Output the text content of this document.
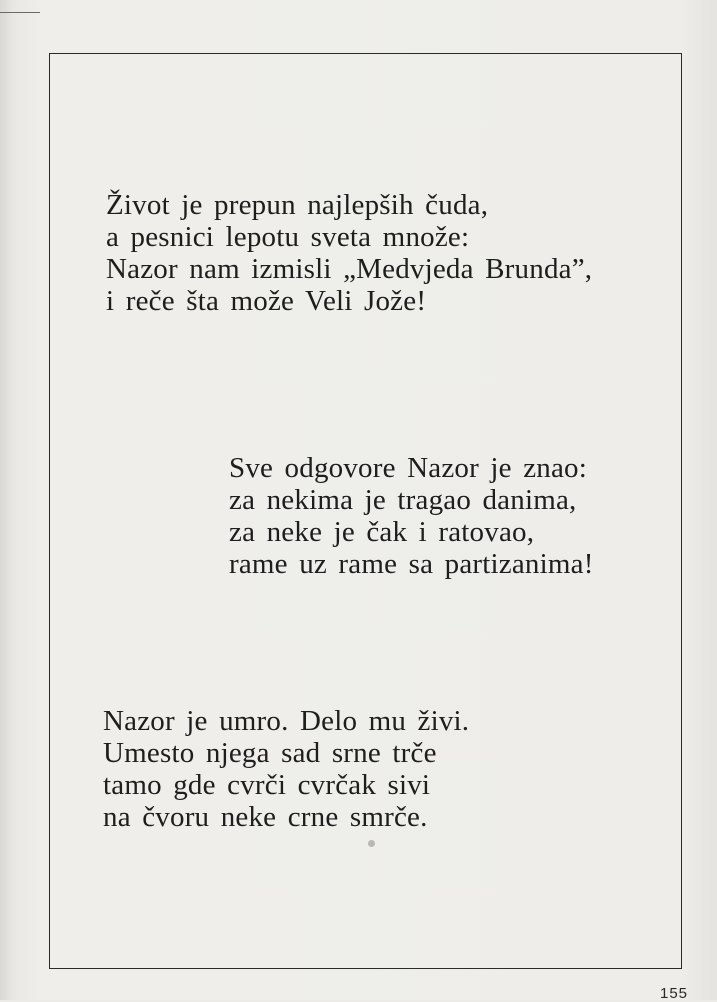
Život je prepun najlepših čuda,
a pesnici lepotu sveta množe:
Nazor nam izmisli „Medvjeda Brunda”,
i reče šta može Veli Jože!
Sve odgovore Nazor je znao:
za nekima je tragao danima,
za neke je čak i ratovao,
rame uz rame sa partizanima!
Nazor je umro. Delo mu živi.
Umesto njega sad srne trče
tamo gde cvrči cvrčak sivi
na čvoru neke crne smrče.
155
